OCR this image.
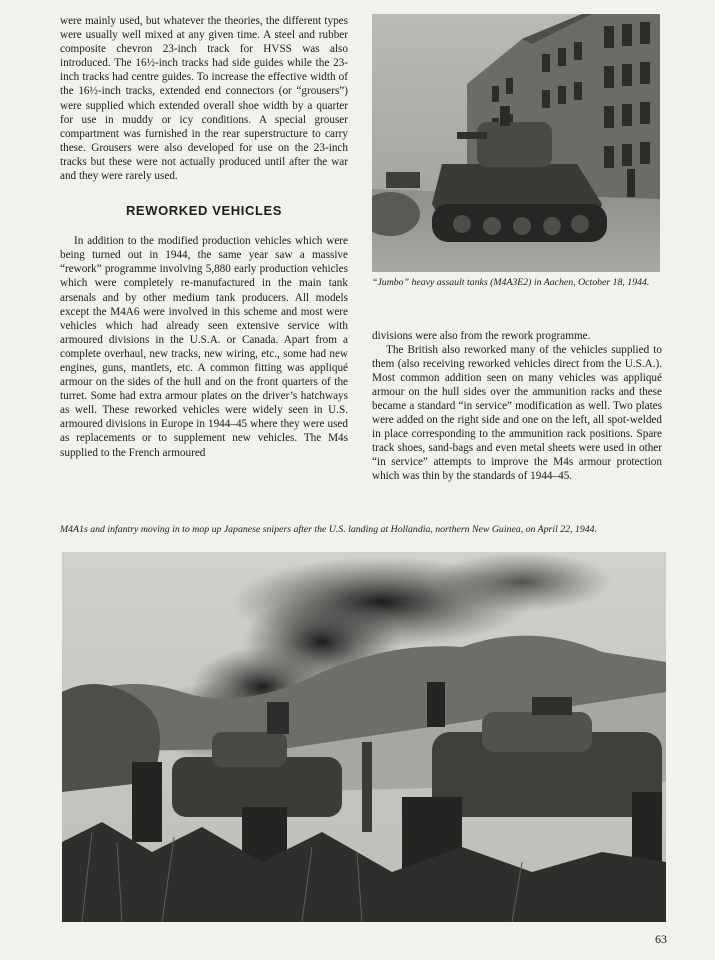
were mainly used, but whatever the theories, the different types were usually well mixed at any given time. A steel and rubber composite chevron 23-inch track for HVSS was also introduced. The 16½-inch tracks had side guides while the 23-inch tracks had centre guides. To increase the effective width of the 16½-inch tracks, extended end connectors (or “grousers”) were supplied which extended overall shoe width by a quarter for use in muddy or icy conditions. A special grouser compartment was furnished in the rear superstructure to carry these. Grousers were also developed for use on the 23-inch tracks but these were not actually produced until after the war and they were rarely used.

REWORKED VEHICLES

In addition to the modified production vehicles which were being turned out in 1944, the same year saw a massive “rework” programme involving 5,880 early production vehicles which were completely re-manufactured in the main tank arsenals and by other medium tank producers. All models except the M4A6 were involved in this scheme and most were vehicles which had already seen extensive service with armoured divisions in the U.S.A. or Canada. Apart from a complete overhaul, new tracks, new wiring, etc., some had new engines, guns, mantlets, etc. A common fitting was appliqué armour on the sides of the hull and on the front quarters of the turret. Some had extra armour plates on the driver’s hatchways as well. These reworked vehicles were widely seen in U.S. armoured divisions in Europe in 1944–45 where they were used as replacements or to supplement new vehicles. The M4s supplied to the French armoured

“Jumbo” heavy assault tanks (M4A3E2) in Aachen, October 18, 1944.

divisions were also from the rework programme.

The British also reworked many of the vehicles supplied to them (also receiving reworked vehicles direct from the U.S.A.). Most common addition seen on many vehicles was appliqué armour on the hull sides over the ammunition racks and these became a standard “in service” modification as well. Two plates were added on the right side and one on the left, all spot-welded in place corresponding to the ammunition rack positions. Spare track shoes, sand-bags and even metal sheets were used in other “in service” attempts to improve the M4s armour protection which was thin by the standards of 1944–45.

M4A1s and infantry moving in to mop up Japanese snipers after the U.S. landing at Hollandia, northern New Guinea, on April 22, 1944.

63
